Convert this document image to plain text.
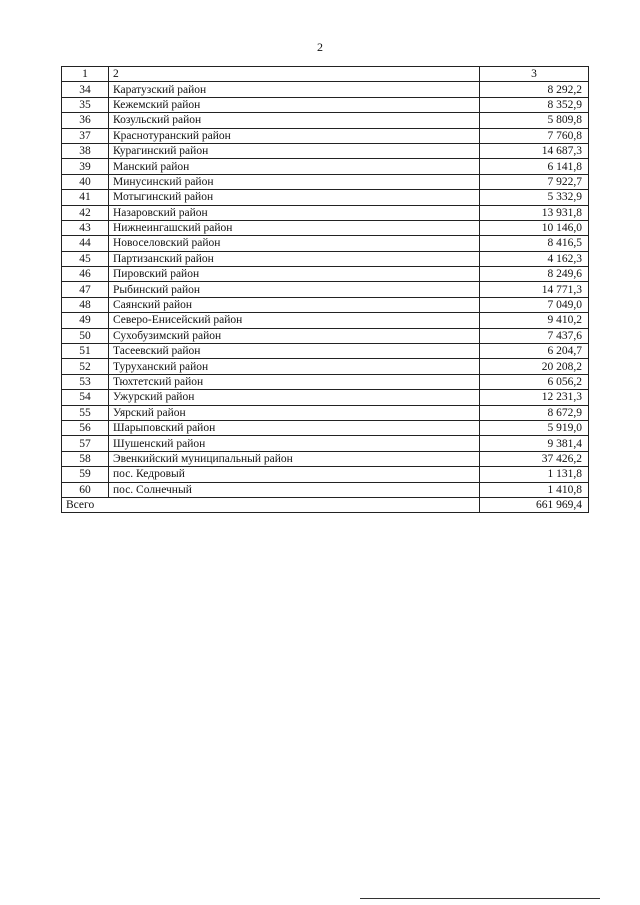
2
1	2	3
34	Каратузский район	8 292,2
35	Кежемский район	8 352,9
36	Козульский район	5 809,8
37	Краснотуранский район	7 760,8
38	Курагинский район	14 687,3
39	Манский район	6 141,8
40	Минусинский район	7 922,7
41	Мотыгинский район	5 332,9
42	Назаровский район	13 931,8
43	Нижнеингашский район	10 146,0
44	Новоселовский район	8 416,5
45	Партизанский район	4 162,3
46	Пировский район	8 249,6
47	Рыбинский район	14 771,3
48	Саянский район	7 049,0
49	Северо-Енисейский район	9 410,2
50	Сухобузимский район	7 437,6
51	Тасеевский район	6 204,7
52	Туруханский район	20 208,2
53	Тюхтетский район	6 056,2
54	Ужурский район	12 231,3
55	Уярский район	8 672,9
56	Шарыповский район	5 919,0
57	Шушенский район	9 381,4
58	Эвенкийский муниципальный район	37 426,2
59	пос. Кедровый	1 131,8
60	пос. Солнечный	1 410,8
Всего		661 969,4
